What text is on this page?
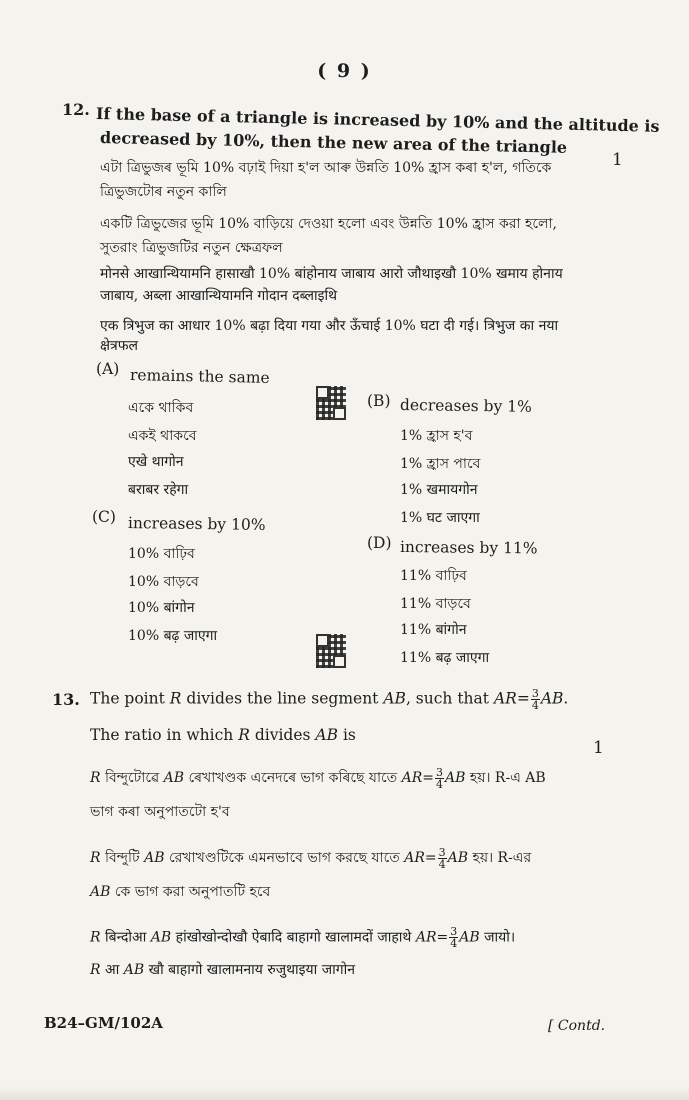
( 9 )
12. If the base of a triangle is increased by 10% and the altitude is
decreased by 10%, then the new area of the triangle
1
এটা ত্রিভুজৰ ভূমি 10% বঢ়াই দিয়া হ'ল আৰু উন্নতি 10% হ্রাস কৰা হ'ল, গতিকে
ত্রিভুজটোৰ নতুন কালি
একটি ত্রিভুজের ভূমি 10% বাড়িয়ে দেওয়া হলো এবং উন্নতি 10% হ্রাস করা হলো,
সুতরাং ত্রিভুজটির নতুন ক্ষেত্রফল
मोनसे आखान्थियामनि हासाखौ 10% बांहोनाय जाबाय आरो जौथाइखौ 10% खमाय होनाय
जाबाय, अब्ला आखान्थियामनि गोदान दब्लाइथि
एक त्रिभुज का आधार 10% बढ़ा दिया गया और ऊँचाई 10% घटा दी गई। त्रिभुज का नया
क्षेत्रफल
(A) remains the same
একে থাকিব
একই থাকবে
एखे थागोन
बराबर रहेगा
(B) decreases by 1%
1% হ্রাস হ'ব
1% হ্রাস পাবে
1% खमायगोन
1% घट जाएगा
(C) increases by 10%
10% বাঢ়িব
10% বাড়বে
10% बांगोन
10% बढ़ जाएगा
(D) increases by 11%
11% বাঢ়িব
11% বাড়বে
11% बांगोन
11% बढ़ जाएगा
13. The point R divides the line segment AB, such that $AR= \frac{3}{4}$ AB.
The ratio in which R divides AB is
1
R বিন্দুটোৱে AB ৰেখাখণ্ডক এনেদৰে ভাগ কৰিছে যাতে $AR= \frac{3}{4}$ AB হয়। R-এ AB
ভাগ কৰা অনুপাতটো হ'ব
R বিন্দুটি AB রেখাখণ্ডটিকে এমনভাবে ভাগ করছে যাতে $AR= \frac{3}{4}$ AB হয়। R-এর
AB কে ভাগ করা অনুপাতটি হবে
R बिन्दोआ AB हांखोखोन्दोखौ ऐबादि बाहागो खालामदों जाहाथे $AR= \frac{3}{4}$ AB जायो।
R आ AB खौ बाहागो खालामनाय रुजुथाइया जागोन
B24–GM/102A	[ Contd.
